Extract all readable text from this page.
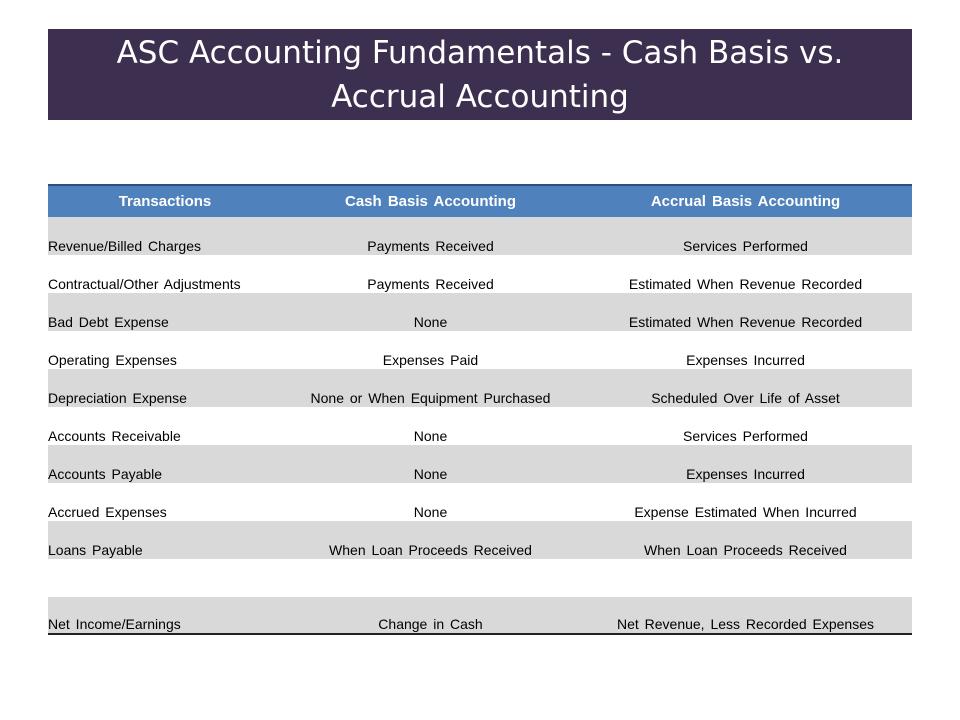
ASC Accounting Fundamentals - Cash Basis vs. Accrual Accounting
Transactions	Cash Basis Accounting	Accrual Basis Accounting
Revenue/Billed Charges	Payments Received	Services Performed
Contractual/Other Adjustments	Payments Received	Estimated When Revenue Recorded
Bad Debt Expense	None	Estimated When Revenue Recorded
Operating Expenses	Expenses Paid	Expenses Incurred
Depreciation Expense	None or When Equipment Purchased	Scheduled Over Life of Asset
Accounts Receivable	None	Services Performed
Accounts Payable	None	Expenses Incurred
Accrued Expenses	None	Expense Estimated When Incurred
Loans Payable	When Loan Proceeds Received	When Loan Proceeds Received
Net Income/Earnings	Change in Cash	Net Revenue, Less Recorded Expenses
